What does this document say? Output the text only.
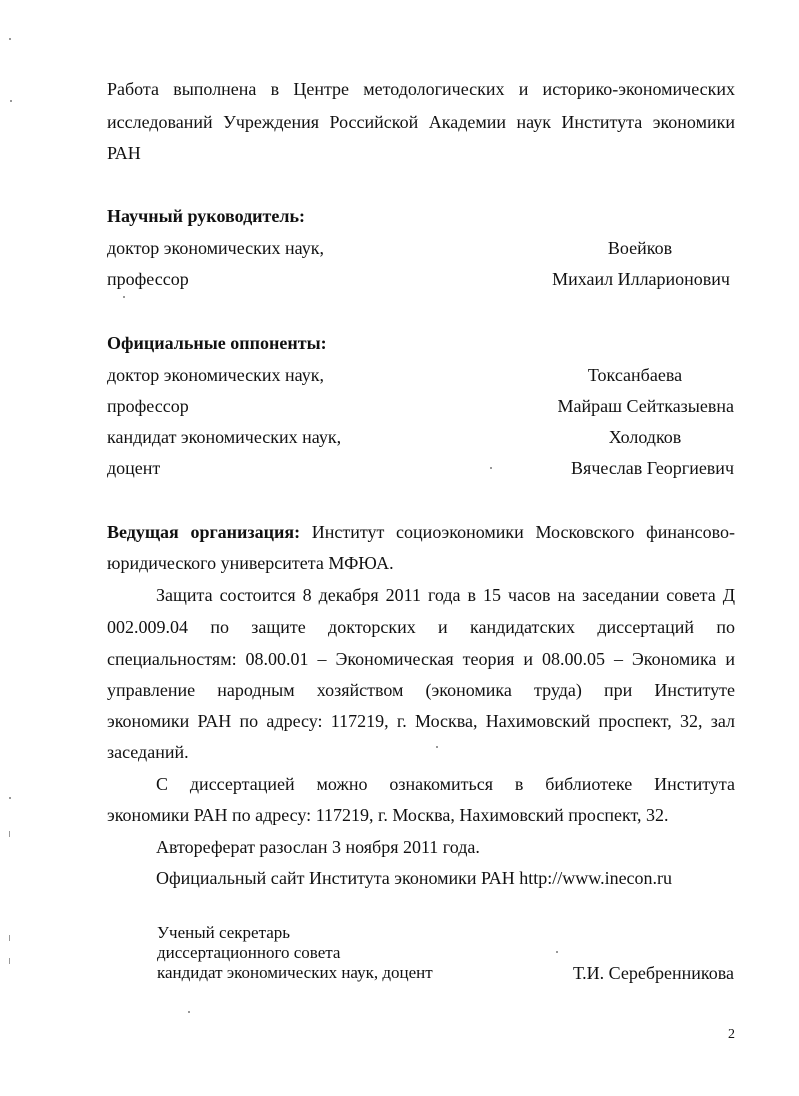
Работа выполнена в Центре методологических и историко-экономических
исследований Учреждения Российской Академии наук Института экономики
РАН
Научный руководитель:
доктор экономических наук,	Воейков
профессор	Михаил Илларионович
Официальные оппоненты:
доктор экономических наук,	Токсанбаева
профессор	Майраш Сейтказыевна
кандидат экономических наук,	Холодков
доцент	Вячеслав Георгиевич
Ведущая организация: Институт социоэкономики Московского финансово-
юридического университета МФЮА.
Защита состоится 8 декабря 2011 года в 15 часов на заседании совета Д
002.009.04 по защите докторских и кандидатских диссертаций по
специальностям: 08.00.01 – Экономическая теория и 08.00.05 – Экономика и
управление народным хозяйством (экономика труда) при Институте
экономики РАН по адресу: 117219, г. Москва, Нахимовский проспект, 32, зал
заседаний.
С диссертацией можно ознакомиться в библиотеке Института
экономики РАН по адресу: 117219, г. Москва, Нахимовский проспект, 32.
Автореферат разослан 3 ноября 2011 года.
Официальный сайт Института экономики РАН http://www.inecon.ru
Ученый секретарь
диссертационного совета
кандидат экономических наук, доцент	Т.И. Серебренникова
2
